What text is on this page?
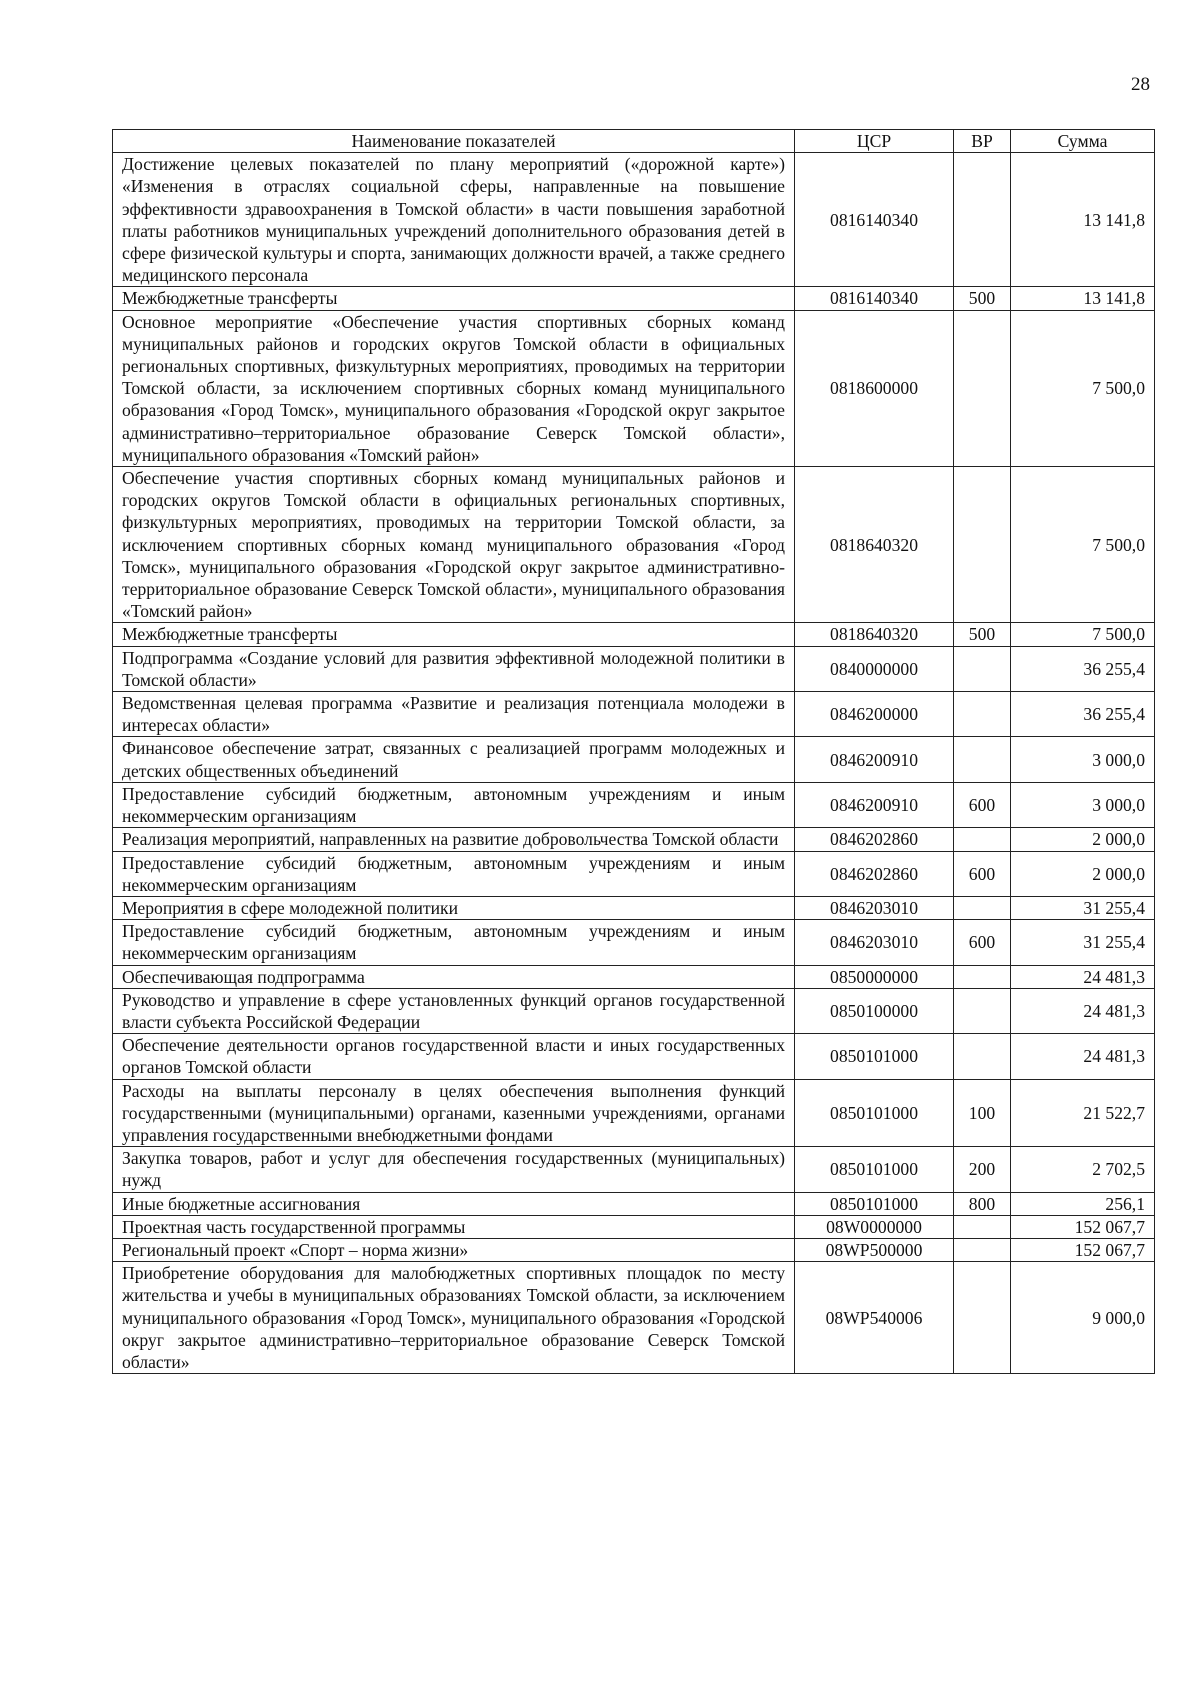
28
Наименование показателей	ЦСР	ВР	Сумма
Достижение целевых показателей по плану мероприятий («дорожной карте») «Изменения в отраслях социальной сферы, направленные на повышение эффективности здравоохранения в Томской области» в части повышения заработной платы работников муниципальных учреждений дополнительного образования детей в сфере физической культуры и спорта, занимающих должности врачей, а также среднего медицинского персонала	0816140340		13 141,8
Межбюджетные трансферты	0816140340	500	13 141,8
Основное мероприятие «Обеспечение участия спортивных сборных команд муниципальных районов и городских округов Томской области в официальных региональных спортивных, физкультурных мероприятиях, проводимых на территории Томской области, за исключением спортивных сборных команд муниципального образования «Город Томск», муниципального образования «Городской округ закрытое административно–территориальное образование Северск Томской области», муниципального образования «Томский район»	0818600000		7 500,0
Обеспечение участия спортивных сборных команд муниципальных районов и городских округов Томской области в официальных региональных спортивных, физкультурных мероприятиях, проводимых на территории Томской области, за исключением спортивных сборных команд муниципального образования «Город Томск», муниципального образования «Городской округ закрытое административно-территориальное образование Северск Томской области», муниципального образования «Томский район»	0818640320		7 500,0
Межбюджетные трансферты	0818640320	500	7 500,0
Подпрограмма «Создание условий для развития эффективной молодежной политики в Томской области»	0840000000		36 255,4
Ведомственная целевая программа «Развитие и реализация потенциала молодежи в интересах области»	0846200000		36 255,4
Финансовое обеспечение затрат, связанных с реализацией программ молодежных и детских общественных объединений	0846200910		3 000,0
Предоставление субсидий бюджетным, автономным учреждениям и иным некоммерческим организациям	0846200910	600	3 000,0
Реализация мероприятий, направленных на развитие добровольчества Томской области	0846202860		2 000,0
Предоставление субсидий бюджетным, автономным учреждениям и иным некоммерческим организациям	0846202860	600	2 000,0
Мероприятия в сфере молодежной политики	0846203010		31 255,4
Предоставление субсидий бюджетным, автономным учреждениям и иным некоммерческим организациям	0846203010	600	31 255,4
Обеспечивающая подпрограмма	0850000000		24 481,3
Руководство и управление в сфере установленных функций органов государственной власти субъекта Российской Федерации	0850100000		24 481,3
Обеспечение деятельности органов государственной власти и иных государственных органов Томской области	0850101000		24 481,3
Расходы на выплаты персоналу в целях обеспечения выполнения функций государственными (муниципальными) органами, казенными учреждениями, органами управления государственными внебюджетными фондами	0850101000	100	21 522,7
Закупка товаров, работ и услуг для обеспечения государственных (муниципальных) нужд	0850101000	200	2 702,5
Иные бюджетные ассигнования	0850101000	800	256,1
Проектная часть государственной программы	08W0000000		152 067,7
Региональный проект «Спорт – норма жизни»	08WP500000		152 067,7
Приобретение оборудования для малобюджетных спортивных площадок по месту жительства и учебы в муниципальных образованиях Томской области, за исключением муниципального образования «Город Томск», муниципального образования «Городской округ закрытое административно–территориальное образование Северск Томской области»	08WP540006		9 000,0
